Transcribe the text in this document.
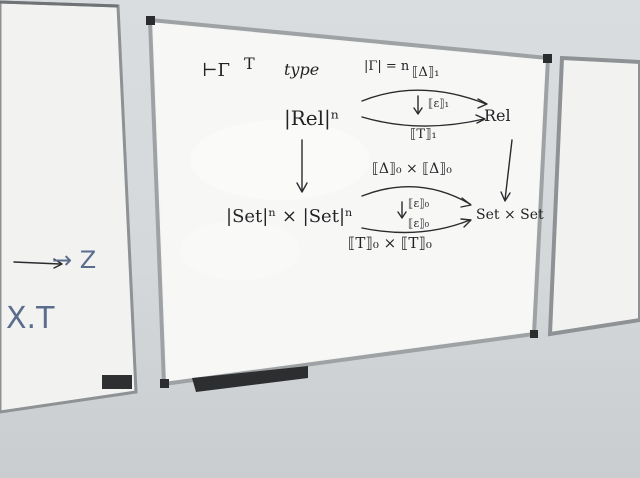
→ Z
X.T
⊢Γ T type	|Γ| = n ⟦Δ⟧₁
|Rel|ⁿ
⟦ε⟧₁
Rel
⟦T⟧₁
⟦Δ⟧₀ × ⟦Δ⟧₀
|Set|ⁿ × |Set|ⁿ
⟦ε⟧₀
⟦ε⟧₀
Set × Set
⟦T⟧₀ × ⟦T⟧₀
